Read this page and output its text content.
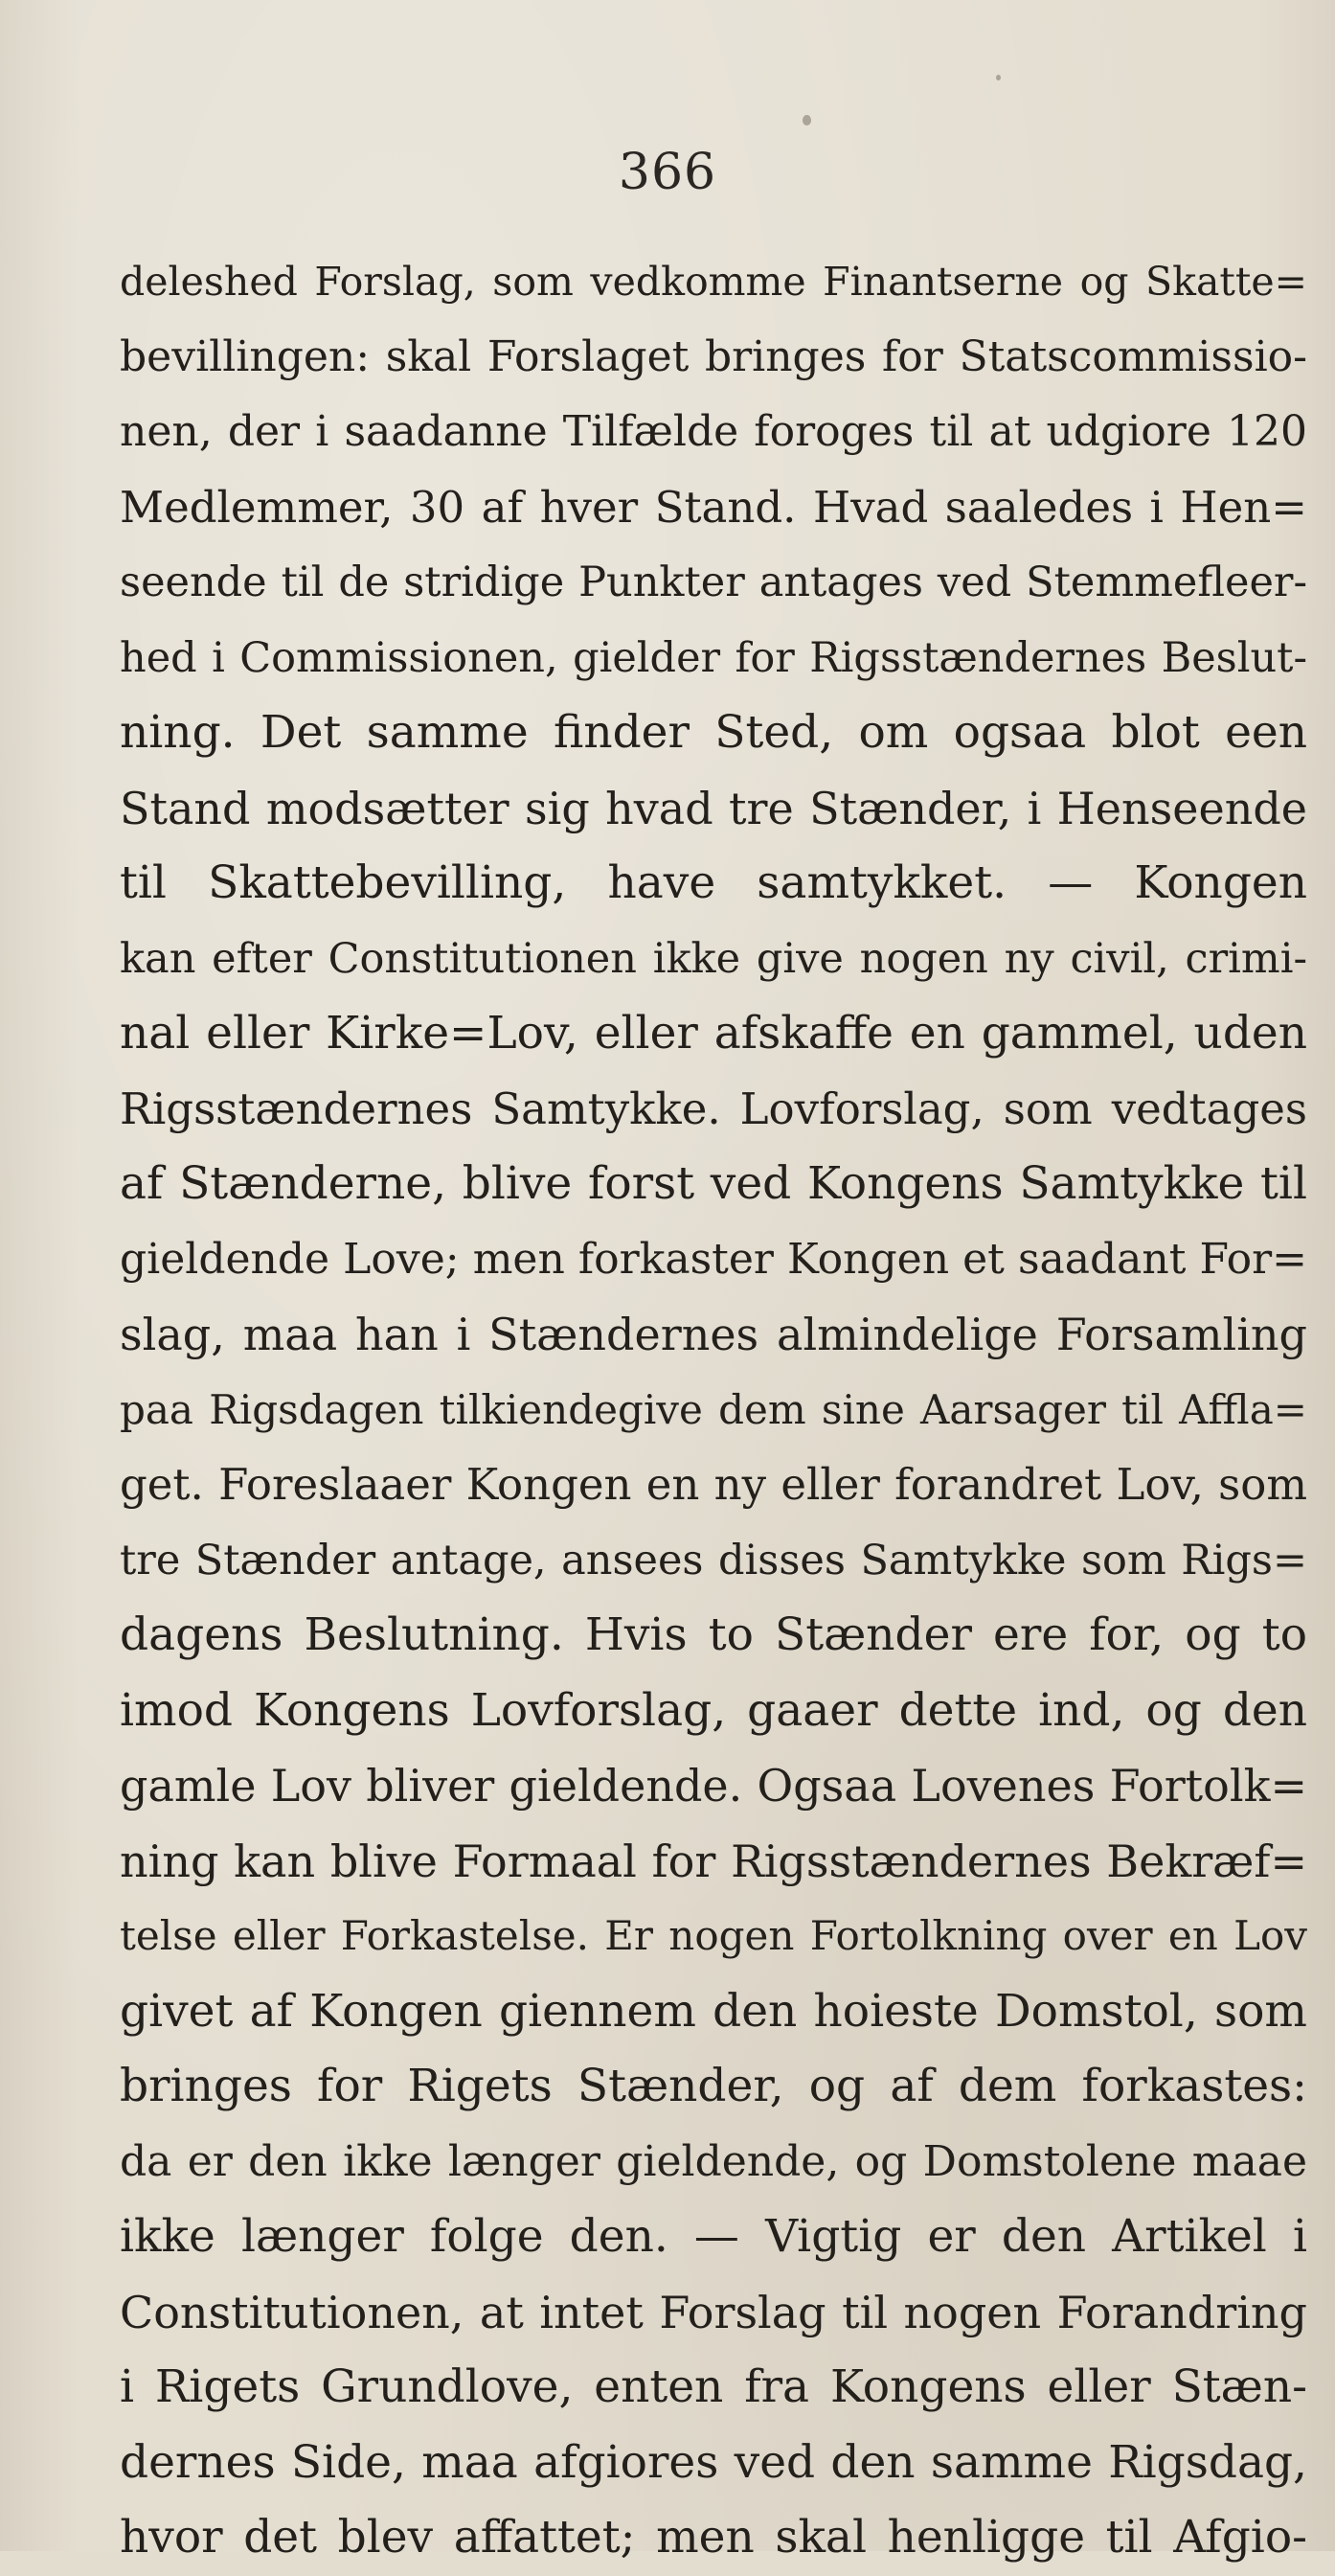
366
deleshed Forslag, som vedkomme Finantserne og Skatte=
bevillingen: skal Forslaget bringes for Statscommissio-
nen, der i saadanne Tilfælde foroges til at udgiore 120
Medlemmer, 30 af hver Stand. Hvad saaledes i Hen=
seende til de stridige Punkter antages ved Stemmefleer-
hed i Commissionen, gielder for Rigsstændernes Beslut-
ning. Det samme finder Sted, om ogsaa blot een
Stand modsætter sig hvad tre Stænder, i Henseende
til Skattebevilling, have samtykket. — Kongen
kan efter Constitutionen ikke give nogen ny civil, crimi-
nal eller Kirke=Lov, eller afskaffe en gammel, uden
Rigsstændernes Samtykke. Lovforslag, som vedtages
af Stænderne, blive forst ved Kongens Samtykke til
gieldende Love; men forkaster Kongen et saadant For=
slag, maa han i Stændernes almindelige Forsamling
paa Rigsdagen tilkiendegive dem sine Aarsager til Affla=
get. Foreslaaer Kongen en ny eller forandret Lov, som
tre Stænder antage, ansees disses Samtykke som Rigs=
dagens Beslutning. Hvis to Stænder ere for, og to
imod Kongens Lovforslag, gaaer dette ind, og den
gamle Lov bliver gieldende. Ogsaa Lovenes Fortolk=
ning kan blive Formaal for Rigsstændernes Bekræf=
telse eller Forkastelse. Er nogen Fortolkning over en Lov
givet af Kongen giennem den hoieste Domstol, som
bringes for Rigets Stænder, og af dem forkastes:
da er den ikke længer gieldende, og Domstolene maae
ikke længer folge den. — Vigtig er den Artikel i
Constitutionen, at intet Forslag til nogen Forandring
i Rigets Grundlove, enten fra Kongens eller Stæn-
dernes Side, maa afgiores ved den samme Rigsdag,
hvor det blev affattet; men skal henligge til Afgio-
